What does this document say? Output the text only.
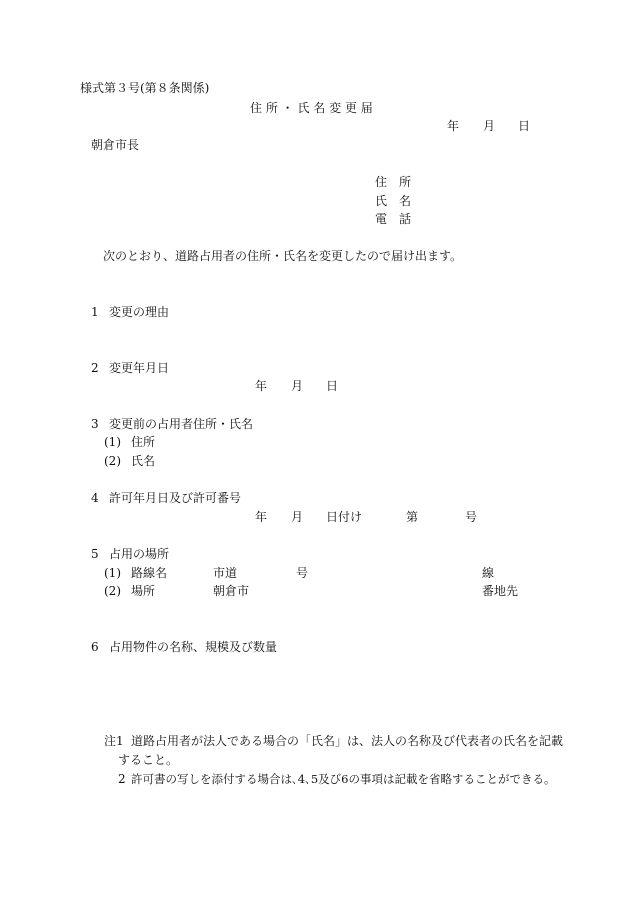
様式第３号(第８条関係)
住 所 ・ 氏 名 変 更 届
年 月 日
朝倉市長
住　所
氏　名
電　話
次のとおり、道路占用者の住所・氏名を変更したので届け出ます。
1 変更の理由
2 変更年月日
年 月 日
3 変更前の占用者住所・氏名
(1) 住所
(2) 氏名
4 許可年月日及び許可番号
年 月 日付け	第	号
5 占用の場所
(1) 路線名	市道	号	線
(2) 場所	朝倉市	番地先
6 占用物件の名称、規模及び数量
注1 道路占用者が法人である場合の「氏名」は、法人の名称及び代表者の氏名を記載
すること。
2 許可書の写しを添付する場合は､4､5及び6の事項は記載を省略することができる。
